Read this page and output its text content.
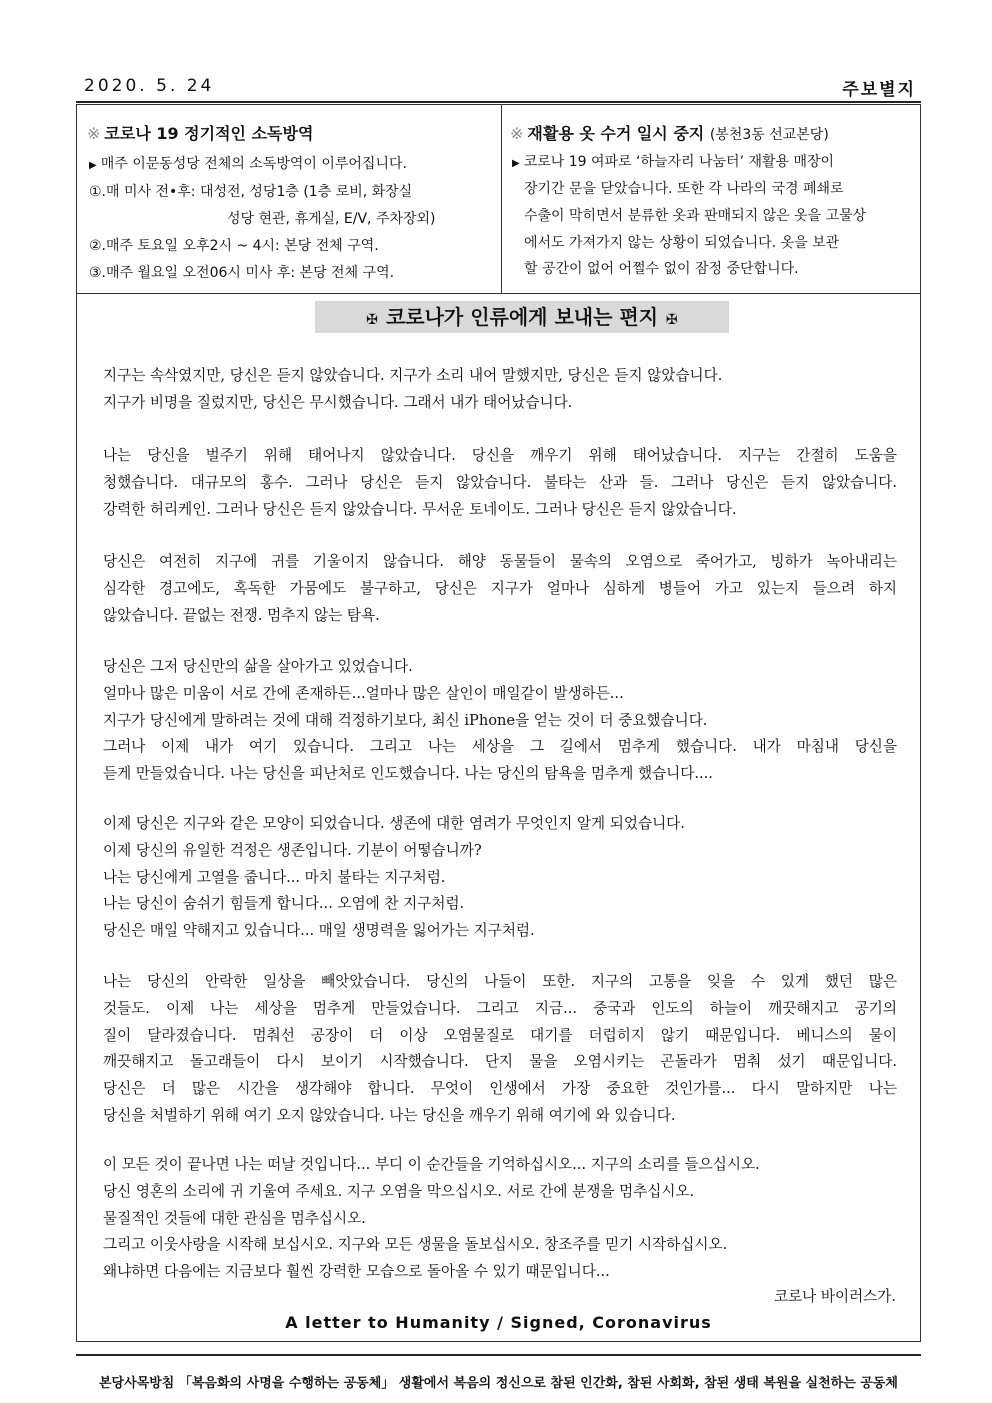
2020. 5. 24	주보별지
※ 코로나 19 정기적인 소독방역
▶ 매주 이문동성당 전체의 소독방역이 이루어집니다.
①.매 미사 전•후: 대성전, 성당1층 (1층 로비, 화장실
성당 현관, 휴게실, E/V, 주차장외)
②.매주 토요일 오후2시 ~ 4시: 본당 전체 구역.
③.매주 월요일 오전06시 미사 후: 본당 전체 구역.
※ 재활용 옷 수거 일시 중지 (봉천3동 선교본당)
▶ 코로나 19 여파로 ‘하늘자리 나눔터’ 재활용 매장이
장기간 문을 닫았습니다. 또한 각 나라의 국경 폐쇄로
수출이 막히면서 분류한 옷과 판매되지 않은 옷을 고물상
에서도 가져가지 않는 상황이 되었습니다. 옷을 보관
할 공간이 없어 어쩔수 없이 잠정 중단합니다.
✠ 코로나가 인류에게 보내는 편지 ✠
지구는 속삭였지만, 당신은 듣지 않았습니다. 지구가 소리 내어 말했지만, 당신은 듣지 않았습니다.
지구가 비명을 질렀지만, 당신은 무시했습니다. 그래서 내가 태어났습니다.
나는 당신을 벌주기 위해 태어나지 않았습니다. 당신을 깨우기 위해 태어났습니다. 지구는 간절히 도움을
청했습니다. 대규모의 홍수. 그러나 당신은 듣지 않았습니다. 불타는 산과 들. 그러나 당신은 듣지 않았습니다.
강력한 허리케인. 그러나 당신은 듣지 않았습니다. 무서운 토네이도. 그러나 당신은 듣지 않았습니다.
당신은 여전히 지구에 귀를 기울이지 않습니다. 해양 동물들이 물속의 오염으로 죽어가고, 빙하가 녹아내리는
심각한 경고에도, 혹독한 가뭄에도 불구하고, 당신은 지구가 얼마나 심하게 병들어 가고 있는지 들으려 하지
않았습니다. 끝없는 전쟁. 멈추지 않는 탐욕.
당신은 그저 당신만의 삶을 살아가고 있었습니다.
얼마나 많은 미움이 서로 간에 존재하든...얼마나 많은 살인이 매일같이 발생하든...
지구가 당신에게 말하려는 것에 대해 걱정하기보다, 최신 iPhone을 얻는 것이 더 중요했습니다.
그러나 이제 내가 여기 있습니다. 그리고 나는 세상을 그 길에서 멈추게 했습니다. 내가 마침내 당신을
듣게 만들었습니다. 나는 당신을 피난처로 인도했습니다. 나는 당신의 탐욕을 멈추게 했습니다....
이제 당신은 지구와 같은 모양이 되었습니다. 생존에 대한 염려가 무엇인지 알게 되었습니다.
이제 당신의 유일한 걱정은 생존입니다. 기분이 어떻습니까?
나는 당신에게 고열을 줍니다... 마치 불타는 지구처럼.
나는 당신이 숨쉬기 힘들게 합니다... 오염에 찬 지구처럼.
당신은 매일 약해지고 있습니다... 매일 생명력을 잃어가는 지구처럼.
나는 당신의 안락한 일상을 빼앗았습니다. 당신의 나들이 또한. 지구의 고통을 잊을 수 있게 했던 많은
것들도. 이제 나는 세상을 멈추게 만들었습니다. 그리고 지금... 중국과 인도의 하늘이 깨끗해지고 공기의
질이 달라졌습니다. 멈춰선 공장이 더 이상 오염물질로 대기를 더럽히지 않기 때문입니다. 베니스의 물이
깨끗해지고 돌고래들이 다시 보이기 시작했습니다. 단지 물을 오염시키는 곤돌라가 멈춰 섰기 때문입니다.
당신은 더 많은 시간을 생각해야 합니다. 무엇이 인생에서 가장 중요한 것인가를... 다시 말하지만 나는
당신을 처벌하기 위해 여기 오지 않았습니다. 나는 당신을 깨우기 위해 여기에 와 있습니다.
이 모든 것이 끝나면 나는 떠날 것입니다... 부디 이 순간들을 기억하십시오... 지구의 소리를 들으십시오.
당신 영혼의 소리에 귀 기울여 주세요. 지구 오염을 막으십시오. 서로 간에 분쟁을 멈추십시오.
물질적인 것들에 대한 관심을 멈추십시오.
그리고 이웃사랑을 시작해 보십시오. 지구와 모든 생물을 돌보십시오. 창조주를 믿기 시작하십시오.
왜냐하면 다음에는 지금보다 훨씬 강력한 모습으로 돌아올 수 있기 때문입니다...
코로나 바이러스가.
A letter to Humanity / Signed, Coronavirus
본당사목방침 「복음화의 사명을 수행하는 공동체」 생활에서 복음의 정신으로 참된 인간화, 참된 사회화, 참된 생태 복원을 실천하는 공동체
